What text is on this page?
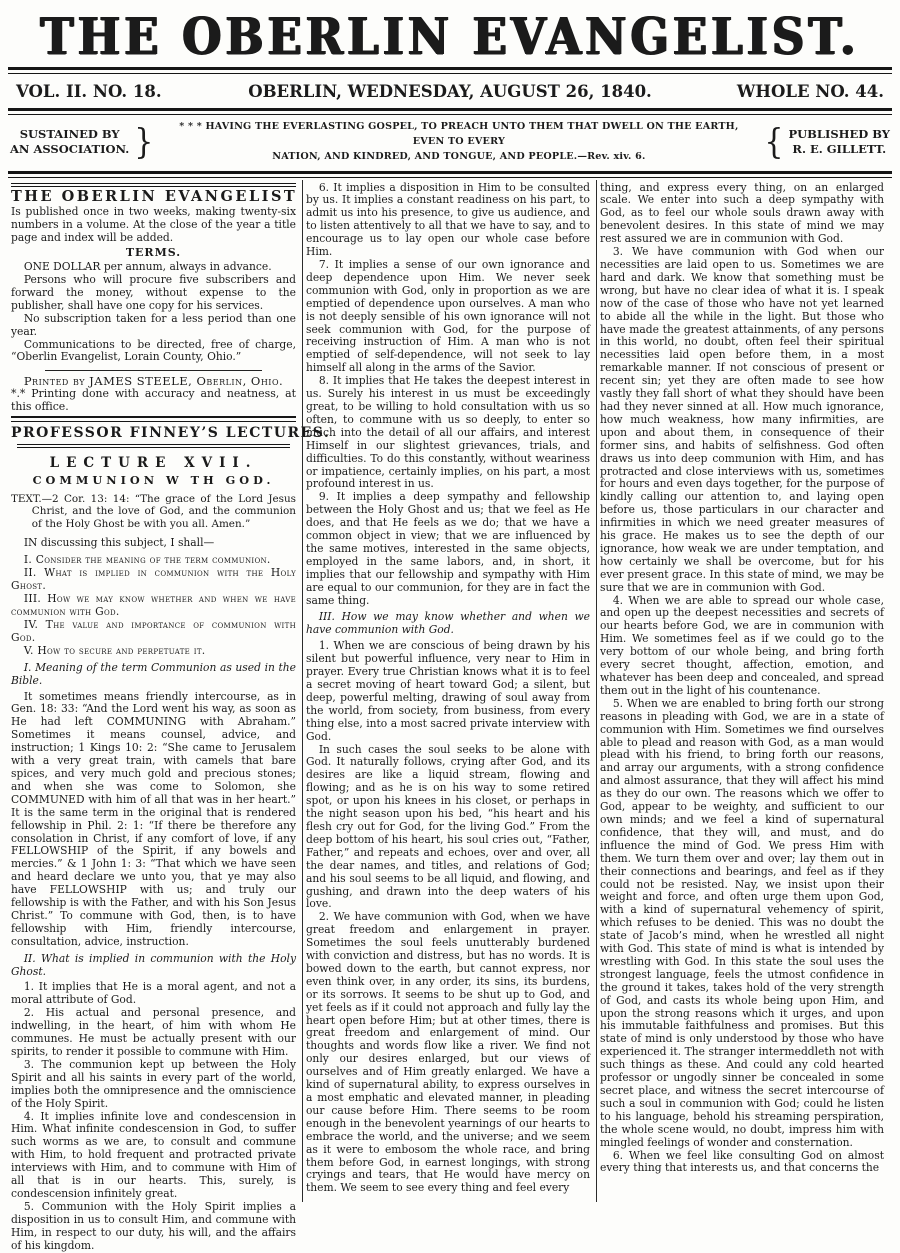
THE OBERLIN EVANGELIST.
VOL. II. NO. 18.	OBERLIN, WEDNESDAY, AUGUST 26, 1840.	WHOLE NO. 44.
SUSTAINED BY
AN ASSOCIATION. }	* * * HAVING THE EVERLASTING GOSPEL, TO PREACH UNTO THEM THAT DWELL ON THE EARTH, EVEN TO EVERY
NATION, AND KINDRED, AND TONGUE, AND PEOPLE.—Rev. xiv. 6.	{ PUBLISHED BY
R. E. GILLETT.

THE OBERLIN EVANGELIST

Is published once in two weeks, making twenty-six numbers in a volume. At the close of the year a title page and index will be added.

TERMS.

ONE DOLLAR per annum, always in advance.

Persons who will procure five subscribers and forward the money, without expense to the publisher, shall have one copy for his services.

No subscription taken for a less period than one year.

Communications to be directed, free of charge, “Oberlin Evangelist, Lorain County, Ohio.”

Printed by JAMES STEELE, Oberlin, Ohio.

*.* Printing done with accuracy and neatness, at this office.

PROFESSOR FINNEY’S LECTURES.

LECTURE XVII.

COMMUNION W TH GOD.

TEXT.—2 Cor. 13: 14: “The grace of the Lord Jesus Christ, and the love of God, and the communion of the Holy Ghost be with you all. Amen.”

IN discussing this subject, I shall—

I. Consider the meaning of the term communion.

II. What is implied in communion with the Holy Ghost.

III. How we may know whether and when we have communion with God.

IV. The value and importance of communion with God.

V. How to secure and perpetuate it.

I. Meaning of the term Communion as used in the Bible.

It sometimes means friendly intercourse, as in Gen. 18: 33: “And the Lord went his way, as soon as He had left COMMUNING with Abraham.” Sometimes it means counsel, advice, and instruction; 1 Kings 10: 2: “She came to Jerusalem with a very great train, with camels that bare spices, and very much gold and precious stones; and when she was come to Solomon, she COMMUNED with him of all that was in her heart.” It is the same term in the original that is rendered fellowship in Phil. 2: 1: “If there be therefore any consolation in Christ, if any comfort of love, if any FELLOWSHIP of the Spirit, if any bowels and mercies.” & 1 John 1: 3: “That which we have seen and heard declare we unto you, that ye may also have FELLOWSHIP with us; and truly our fellowship is with the Father, and with his Son Jesus Christ.” To commune with God, then, is to have fellowship with Him, friendly intercourse, consultation, advice, instruction.

II. What is implied in communion with the Holy Ghost.

1. It implies that He is a moral agent, and not a moral attribute of God.

2. His actual and personal presence, and indwelling, in the heart, of him with whom He communes. He must be actually present with our spirits, to render it possible to commune with Him.

3. The communion kept up between the Holy Spirit and all his saints in every part of the world, implies both the omnipresence and the omniscience of the Holy Spirit.

4. It implies infinite love and condescension in Him. What infinite condescension in God, to suffer such worms as we are, to consult and commune with Him, to hold frequent and protracted private interviews with Him, and to commune with Him of all that is in our hearts. This, surely, is condescension infinitely great.

5. Communion with the Holy Spirit implies a disposition in us to consult Him, and commune with Him, in respect to our duty, his will, and the affairs of his kingdom.

6. It implies a disposition in Him to be consulted by us. It implies a constant readiness on his part, to admit us into his presence, to give us audience, and to listen attentively to all that we have to say, and to encourage us to lay open our whole case before Him.

7. It implies a sense of our own ignorance and deep dependence upon Him. We never seek communion with God, only in proportion as we are emptied of dependence upon ourselves. A man who is not deeply sensible of his own ignorance will not seek communion with God, for the purpose of receiving instruction of Him. A man who is not emptied of self-dependence, will not seek to lay himself all along in the arms of the Savior.

8. It implies that He takes the deepest interest in us. Surely his interest in us must be exceedingly great, to be willing to hold consultation with us so often, to commune with us so deeply, to enter so much into the detail of all our affairs, and interest Himself in our slightest grievances, trials, and difficulties. To do this constantly, without weariness or impatience, certainly implies, on his part, a most profound interest in us.

9. It implies a deep sympathy and fellowship between the Holy Ghost and us; that we feel as He does, and that He feels as we do; that we have a common object in view; that we are influenced by the same motives, interested in the same objects, employed in the same labors, and, in short, it implies that our fellowship and sympathy with Him are equal to our communion, for they are in fact the same thing.

III. How we may know whether and when we have communion with God.

1. When we are conscious of being drawn by his silent but powerful influence, very near to Him in prayer. Every true Christian knows what it is to feel a secret moving of heart toward God; a silent, but deep, powerful melting, drawing of soul away from the world, from society, from business, from every thing else, into a most sacred private interview with God.

In such cases the soul seeks to be alone with God. It naturally follows, crying after God, and its desires are like a liquid stream, flowing and flowing; and as he is on his way to some retired spot, or upon his knees in his closet, or perhaps in the night season upon his bed, “his heart and his flesh cry out for God, for the living God.” From the deep bottom of his heart, his soul cries out, “Father, Father,” and repeats and echoes, over and over, all the dear names, and titles, and relations of God; and his soul seems to be all liquid, and flowing, and gushing, and drawn into the deep waters of his love.

2. We have communion with God, when we have great freedom and enlargement in prayer. Sometimes the soul feels unutterably burdened with conviction and distress, but has no words. It is bowed down to the earth, but cannot express, nor even think over, in any order, its sins, its burdens, or its sorrows. It seems to be shut up to God, and yet feels as if it could not approach and fully lay the heart open before Him; but at other times, there is great freedom and enlargement of mind. Our thoughts and words flow like a river. We find not only our desires enlarged, but our views of ourselves and of Him greatly enlarged. We have a kind of supernatural ability, to express ourselves in a most emphatic and elevated manner, in pleading our cause before Him. There seems to be room enough in the benevolent yearnings of our hearts to embrace the world, and the universe; and we seem as it were to embosom the whole race, and bring them before God, in earnest longings, with strong cryings and tears, that He would have mercy on them. We seem to see every thing and feel every

thing, and express every thing, on an enlarged scale. We enter into such a deep sympathy with God, as to feel our whole souls drawn away with benevolent desires. In this state of mind we may rest assured we are in communion with God.

3. We have communion with God when our necessities are laid open to us. Sometimes we are hard and dark. We know that something must be wrong, but have no clear idea of what it is. I speak now of the case of those who have not yet learned to abide all the while in the light. But those who have made the greatest attainments, of any persons in this world, no doubt, often feel their spiritual necessities laid open before them, in a most remarkable manner. If not conscious of present or recent sin; yet they are often made to see how vastly they fall short of what they should have been had they never sinned at all. How much ignorance, how much weakness, how many infirmities, are upon and about them, in consequence of their former sins, and habits of selfishness. God often draws us into deep communion with Him, and has protracted and close interviews with us, sometimes for hours and even days together, for the purpose of kindly calling our attention to, and laying open before us, those particulars in our character and infirmities in which we need greater measures of his grace. He makes us to see the depth of our ignorance, how weak we are under temptation, and how certainly we shall be overcome, but for his ever present grace. In this state of mind, we may be sure that we are in communion with God.

4. When we are able to spread our whole case, and open up the deepest necessities and secrets of our hearts before God, we are in communion with Him. We sometimes feel as if we could go to the very bottom of our whole being, and bring forth every secret thought, affection, emotion, and whatever has been deep and concealed, and spread them out in the light of his countenance.

5. When we are enabled to bring forth our strong reasons in pleading with God, we are in a state of communion with Him. Sometimes we find ourselves able to plead and reason with God, as a man would plead with his friend, to bring forth our reasons, and array our arguments, with a strong confidence and almost assurance, that they will affect his mind as they do our own. The reasons which we offer to God, appear to be weighty, and sufficient to our own minds; and we feel a kind of supernatural confidence, that they will, and must, and do influence the mind of God. We press Him with them. We turn them over and over; lay them out in their connections and bearings, and feel as if they could not be resisted. Nay, we insist upon their weight and force, and often urge them upon God, with a kind of supernatural vehemency of spirit, which refuses to be denied. This was no doubt the state of Jacob’s mind, when he wrestled all night with God. This state of mind is what is intended by wrestling with God. In this state the soul uses the strongest language, feels the utmost confidence in the ground it takes, takes hold of the very strength of God, and casts its whole being upon Him, and upon the strong reasons which it urges, and upon his immutable faithfulness and promises. But this state of mind is only understood by those who have experienced it. The stranger intermeddleth not with such things as these. And could any cold hearted professor or ungodly sinner be concealed in some secret place, and witness the secret intercourse of such a soul in communion with God; could he listen to his language, behold his streaming perspiration, the whole scene would, no doubt, impress him with mingled feelings of wonder and consternation.

6. When we feel like consulting God on almost every thing that interests us, and that concerns the
